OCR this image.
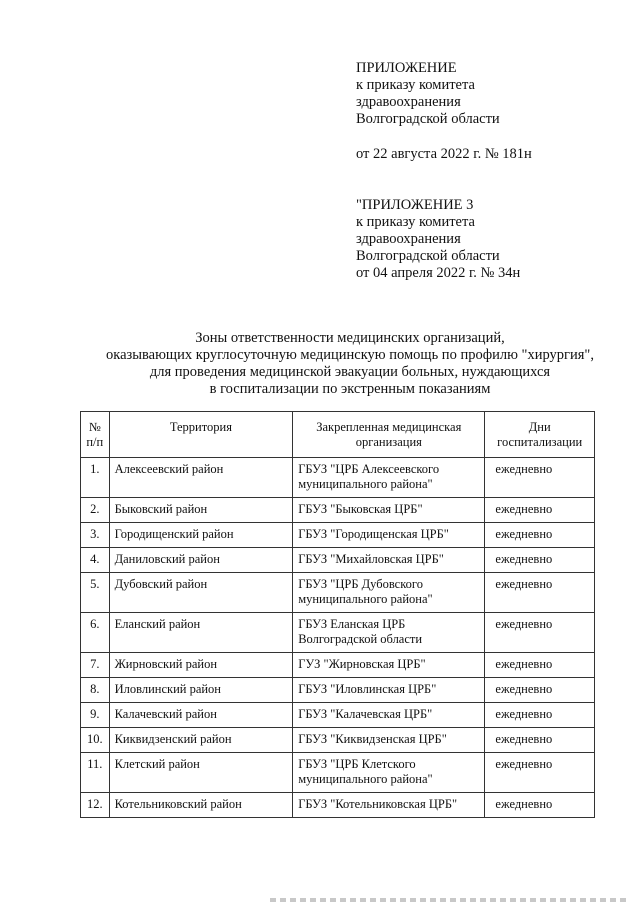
ПРИЛОЖЕНИЕ
к приказу комитета
здравоохранения
Волгоградской области
от 22 августа 2022 г. № 181н
"ПРИЛОЖЕНИЕ 3
к приказу комитета
здравоохранения
Волгоградской области
от 04 апреля 2022 г. № 34н
Зоны ответственности медицинских организаций,
оказывающих круглосуточную медицинскую помощь по профилю "хирургия",
для проведения медицинской эвакуации больных, нуждающихся
в госпитализации по экстренным показаниям
№ п/п	Территория	Закрепленная медицинская организация	Дни госпитализации
1.	Алексеевский район	ГБУЗ "ЦРБ Алексеевского муниципального района"	ежедневно
2.	Быковский район	ГБУЗ "Быковская ЦРБ"	ежедневно
3.	Городищенский район	ГБУЗ "Городищенская ЦРБ"	ежедневно
4.	Даниловский район	ГБУЗ "Михайловская ЦРБ"	ежедневно
5.	Дубовский район	ГБУЗ "ЦРБ Дубовского муниципального района"	ежедневно
6.	Еланский район	ГБУЗ Еланская ЦРБ Волгоградской области	ежедневно
7.	Жирновский район	ГУЗ "Жирновская ЦРБ"	ежедневно
8.	Иловлинский район	ГБУЗ "Иловлинская ЦРБ"	ежедневно
9.	Калачевский район	ГБУЗ "Калачевская ЦРБ"	ежедневно
10.	Киквидзенский район	ГБУЗ "Киквидзенская ЦРБ"	ежедневно
11.	Клетский район	ГБУЗ "ЦРБ Клетского муниципального района"	ежедневно
12.	Котельниковский район	ГБУЗ "Котельниковская ЦРБ"	ежедневно
